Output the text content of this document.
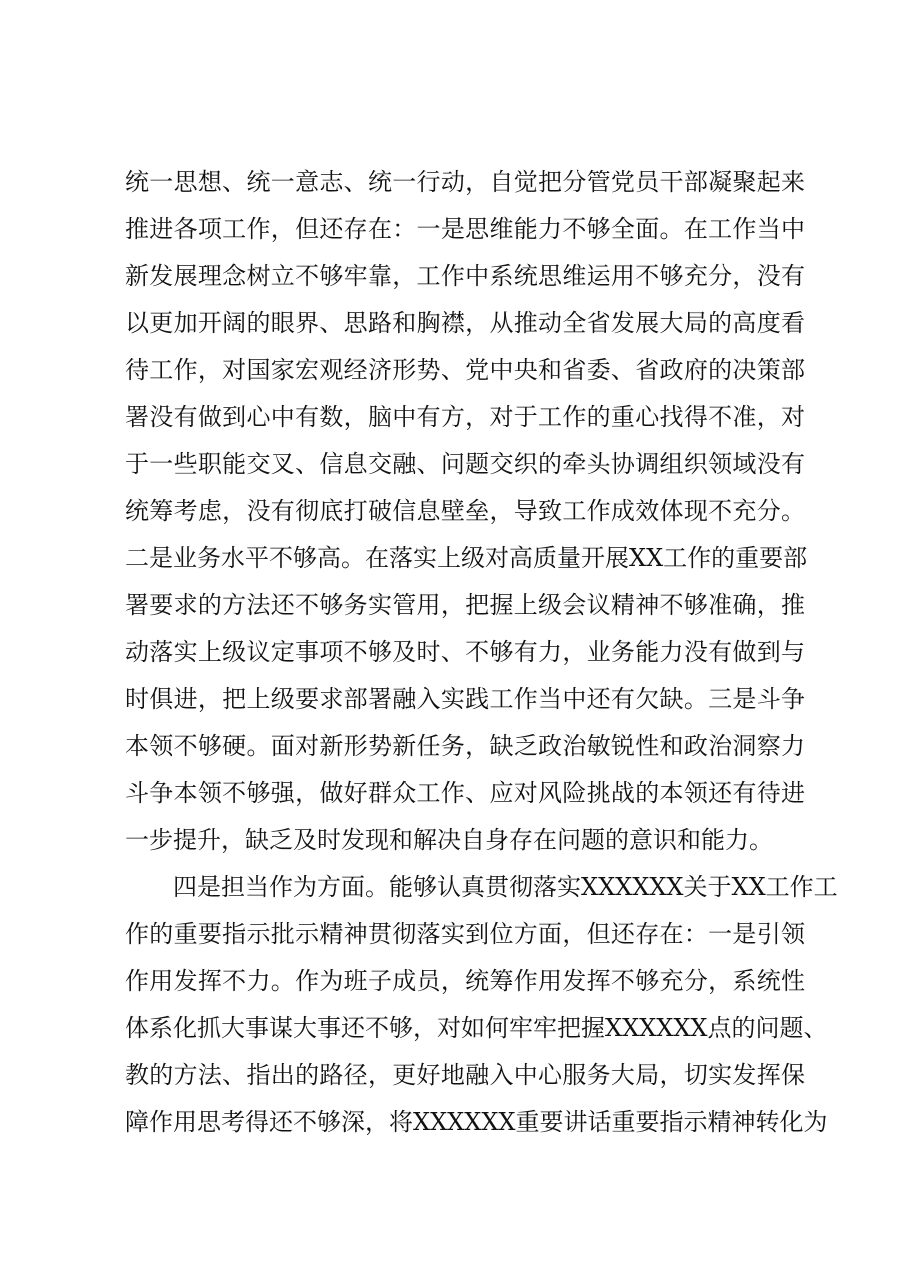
统一思想、统一意志、统一行动，自觉把分管党员干部凝聚起来
推进各项工作，但还存在：一是思维能力不够全面。在工作当中
新发展理念树立不够牢靠，工作中系统思维运用不够充分，没有
以更加开阔的眼界、思路和胸襟，从推动全省发展大局的高度看
待工作，对国家宏观经济形势、党中央和省委、省政府的决策部
署没有做到心中有数，脑中有方，对于工作的重心找得不准，对
于一些职能交叉、信息交融、问题交织的牵头协调组织领域没有
统筹考虑，没有彻底打破信息壁垒，导致工作成效体现不充分。
二是业务水平不够高。在落实上级对高质量开展XX工作的重要部
署要求的方法还不够务实管用，把握上级会议精神不够准确，推
动落实上级议定事项不够及时、不够有力，业务能力没有做到与
时俱进，把上级要求部署融入实践工作当中还有欠缺。三是斗争
本领不够硬。面对新形势新任务，缺乏政治敏锐性和政治洞察力
斗争本领不够强，做好群众工作、应对风险挑战的本领还有待进
一步提升，缺乏及时发现和解决自身存在问题的意识和能力。
四是担当作为方面。能够认真贯彻落实XXXXXX关于XX工作工
作的重要指示批示精神贯彻落实到位方面，但还存在：一是引领
作用发挥不力。作为班子成员，统筹作用发挥不够充分，系统性
体系化抓大事谋大事还不够，对如何牢牢把握XXXXXX点的问题、
教的方法、指出的路径，更好地融入中心服务大局，切实发挥保
障作用思考得还不够深，将XXXXXX重要讲话重要指示精神转化为
